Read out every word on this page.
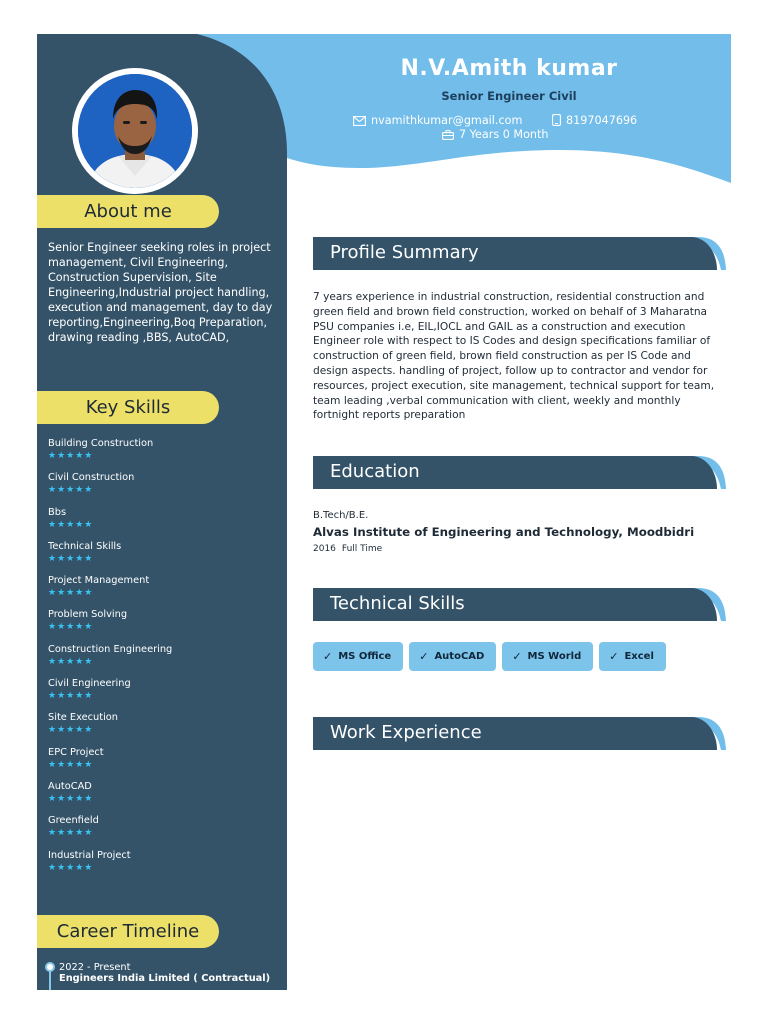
About me
Senior Engineer seeking roles in project management, Civil Engineering, Construction Supervision, Site Engineering,Industrial project handling, execution and management, day to day reporting,Engineering,Boq Preparation, drawing reading ,BBS, AutoCAD,
Key Skills
Building Construction
★★★★★
Civil Construction
★★★★★
Bbs
★★★★★
Technical Skills
★★★★★
Project Management
★★★★★
Problem Solving
★★★★★
Construction Engineering
★★★★★
Civil Engineering
★★★★★
Site Execution
★★★★★
EPC Project
★★★★★
AutoCAD
★★★★★
Greenfield
★★★★★
Industrial Project
★★★★★
Career Timeline
2022 - Present
Engineers India Limited ( Contractual)
N.V.Amith kumar
Senior Engineer Civil
nvamithkumar@gmail.com	8197047696
7 Years 0 Month
Profile Summary
7 years experience in industrial construction, residential construction and green field and brown field construction, worked on behalf of 3 Maharatna PSU companies i.e, EIL,IOCL and GAIL as a construction and execution Engineer role with respect to IS Codes and design specifications familiar of construction of green field, brown field construction as per IS Code and design aspects. handling of project, follow up to contractor and vendor for resources, project execution, site management, technical support for team, team leading ,verbal communication with client, weekly and monthly fortnight reports preparation
Education
B.Tech/B.E.
Alvas Institute of Engineering and Technology, Moodbidri
2016 Full Time
Technical Skills
✓ MS Office	✓ AutoCAD	✓ MS World	✓ Excel
Work Experience
